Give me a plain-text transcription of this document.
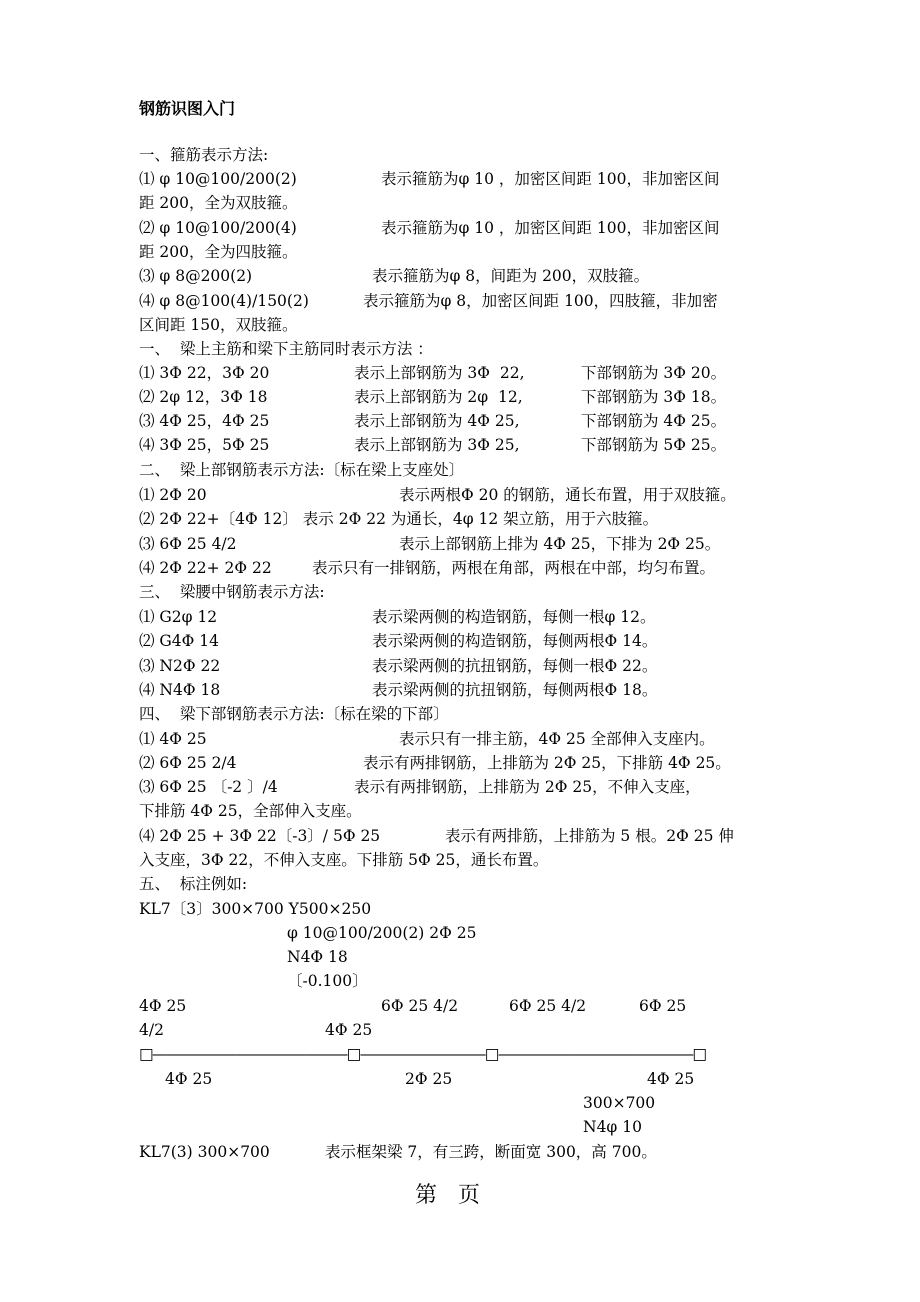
钢筋识图入门
一、箍筋表示方法:
⑴ φ 10@100/200(2)	表示箍筋为φ 10 ，加密区间距 100，非加密区间
距 200，全为双肢箍。
⑵ φ 10@100/200(4)	表示箍筋为φ 10 ，加密区间距 100，非加密区间
距 200，全为四肢箍。
⑶ φ 8@200(2)	表示箍筋为φ 8，间距为 200，双肢箍。
⑷ φ 8@100(4)/150(2)	表示箍筋为φ 8，加密区间距 100，四肢箍，非加密
区间距 150，双肢箍。
一、  梁上主筋和梁下主筋同时表示方法 ：
⑴ 3Φ 22，3Φ 20	表示上部钢筋为 3Φ  22,	下部钢筋为 3Φ 20。
⑵ 2φ 12，3Φ 18	表示上部钢筋为 2φ  12,	下部钢筋为 3Φ 18。
⑶ 4Φ 25，4Φ 25	表示上部钢筋为 4Φ 25,	下部钢筋为 4Φ 25。
⑷ 3Φ 25，5Φ 25	表示上部钢筋为 3Φ 25,	下部钢筋为 5Φ 25。
二、  梁上部钢筋表示方法:〔标在梁上支座处〕
⑴ 2Φ 20	表示两根Φ 20 的钢筋，通长布置，用于双肢箍。
⑵ 2Φ 22+〔4Φ 12〕 表示 2Φ 22 为通长，4φ 12 架立筋，用于六肢箍。
⑶ 6Φ 25 4/2	表示上部钢筋上排为 4Φ 25，下排为 2Φ 25。
⑷ 2Φ 22+ 2Φ 22	表示只有一排钢筋，两根在角部，两根在中部，均匀布置。
三、  梁腰中钢筋表示方法:
⑴ G2φ 12	表示梁两侧的构造钢筋，每侧一根φ 12。
⑵ G4Φ 14	表示梁两侧的构造钢筋，每侧两根Φ 14。
⑶ N2Φ 22	表示梁两侧的抗扭钢筋，每侧一根Φ 22。
⑷ N4Φ 18	表示梁两侧的抗扭钢筋，每侧两根Φ 18。
四、  梁下部钢筋表示方法:〔标在梁的下部〕
⑴ 4Φ 25	表示只有一排主筋，4Φ 25 全部伸入支座内。
⑵ 6Φ 25 2/4	表示有两排钢筋，上排筋为 2Φ 25，下排筋 4Φ 25。
⑶ 6Φ 25 〔-2 〕/4	表示有两排钢筋，上排筋为 2Φ 25，不伸入支座，
下排筋 4Φ 25，全部伸入支座。
⑷ 2Φ 25 + 3Φ 22〔-3〕/ 5Φ 25	表示有两排筋，上排筋为 5 根。2Φ 25 伸
入支座，3Φ 22，不伸入支座。下排筋 5Φ 25，通长布置。
五、  标注例如:
KL7〔3〕300×700 Y500×250
φ 10@100/200(2) 2Φ 25
N4Φ 18
〔-0.100〕
4Φ 25	6Φ 25 4/2	6Φ 25 4/2	6Φ 25
4/2	4Φ 25
□——————————————□—————————□——————————————□
4Φ 25	2Φ 25	4Φ 25
300×700
N4φ 10
KL7(3) 300×700	表示框架梁 7，有三跨，断面宽 300，高 700。
第 页
